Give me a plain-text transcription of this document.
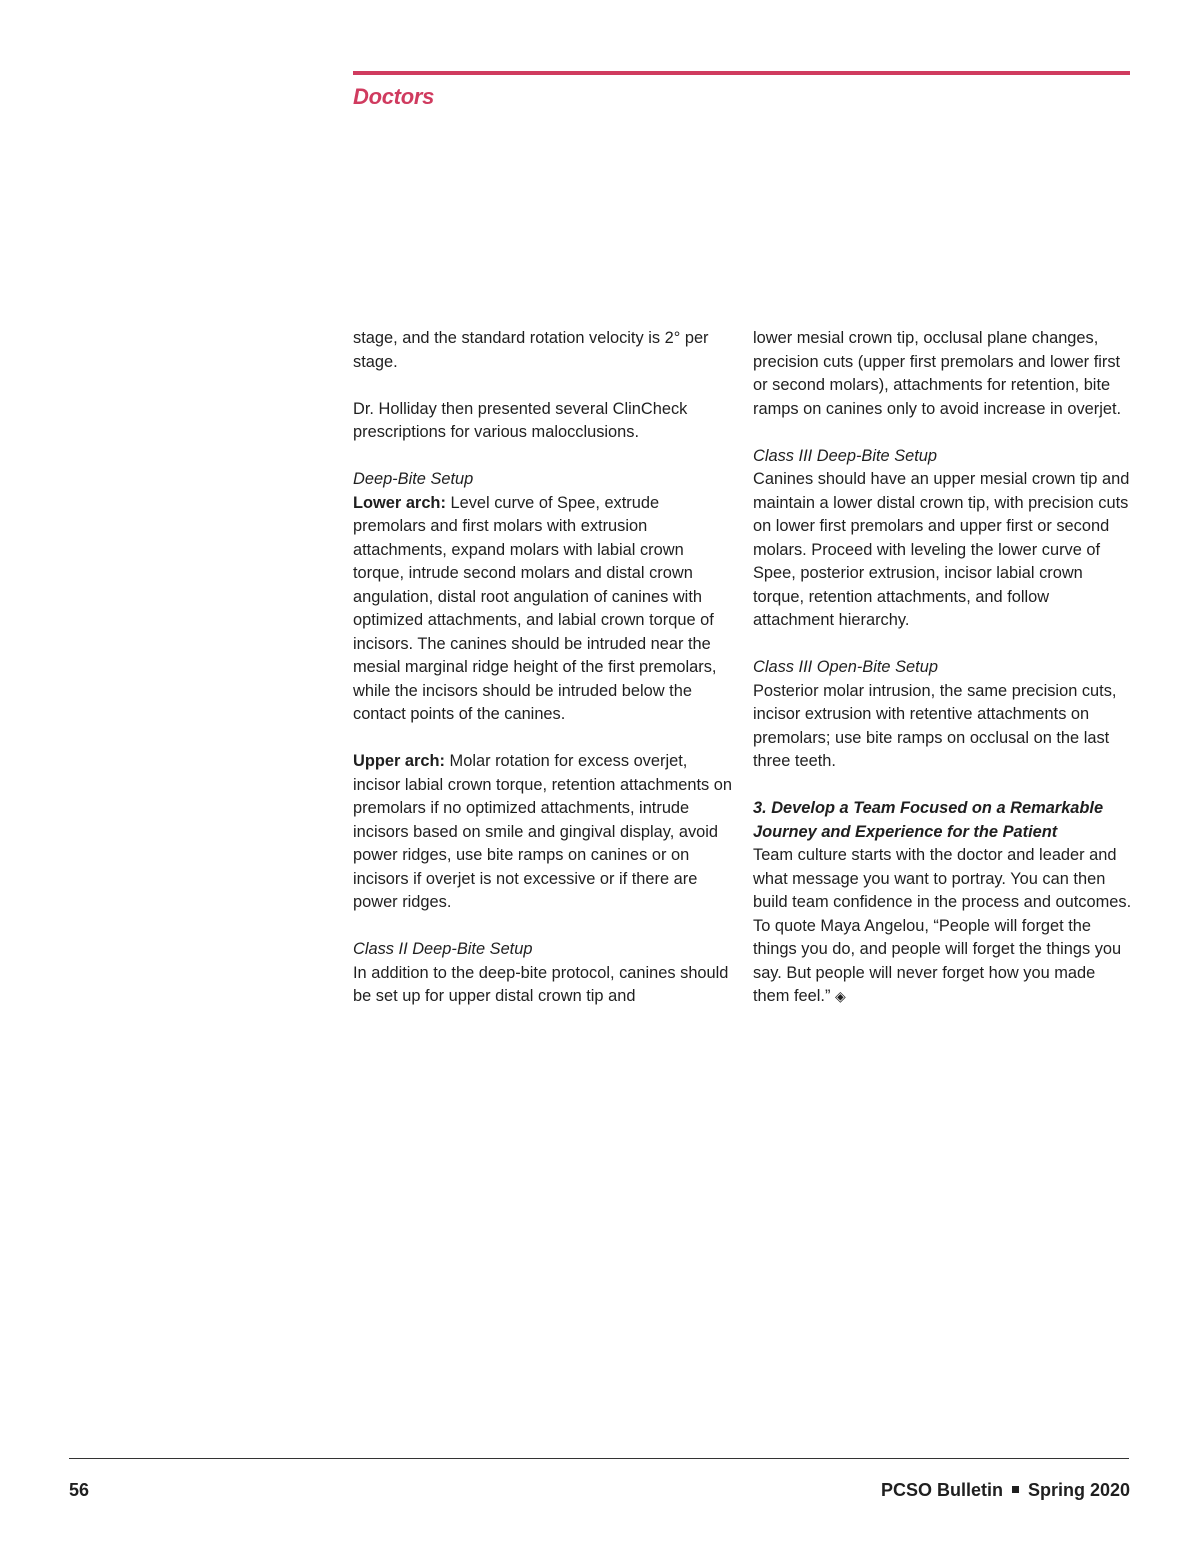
Doctors

stage, and the standard rotation velocity is 2° per stage.

Dr. Holliday then presented several ClinCheck prescriptions for various malocclusions.

Deep-Bite Setup

Lower arch: Level curve of Spee, extrude premolars and first molars with extrusion attachments, expand molars with labial crown torque, intrude second molars and distal crown angulation, distal root angulation of canines with optimized attachments, and labial crown torque of incisors. The canines should be intruded near the mesial marginal ridge height of the first premolars, while the incisors should be intruded below the contact points of the canines.

Upper arch: Molar rotation for excess overjet, incisor labial crown torque, retention attachments on premolars if no optimized attachments, intrude incisors based on smile and gingival display, avoid power ridges, use bite ramps on canines or on incisors if overjet is not excessive or if there are power ridges.

Class II Deep-Bite Setup

In addition to the deep-bite protocol, canines should be set up for upper distal crown tip and

lower mesial crown tip, occlusal plane changes, precision cuts (upper first premolars and lower first or second molars), attachments for retention, bite ramps on canines only to avoid increase in overjet.

Class III Deep-Bite Setup

Canines should have an upper mesial crown tip and maintain a lower distal crown tip, with precision cuts on lower first premolars and upper first or second molars. Proceed with leveling the lower curve of Spee, posterior extrusion, incisor labial crown torque, retention attachments, and follow attachment hierarchy.

Class III Open-Bite Setup

Posterior molar intrusion, the same precision cuts, incisor extrusion with retentive attachments on premolars; use bite ramps on occlusal on the last three teeth.

3. Develop a Team Focused on a Remarkable Journey and Experience for the Patient

Team culture starts with the doctor and leader and what message you want to portray. You can then build team confidence in the process and outcomes. To quote Maya Angelou, “People will forget the things you do, and people will forget the things you say. But people will never forget how you made them feel.” ◈

56	PCSO Bulletin Spring 2020
